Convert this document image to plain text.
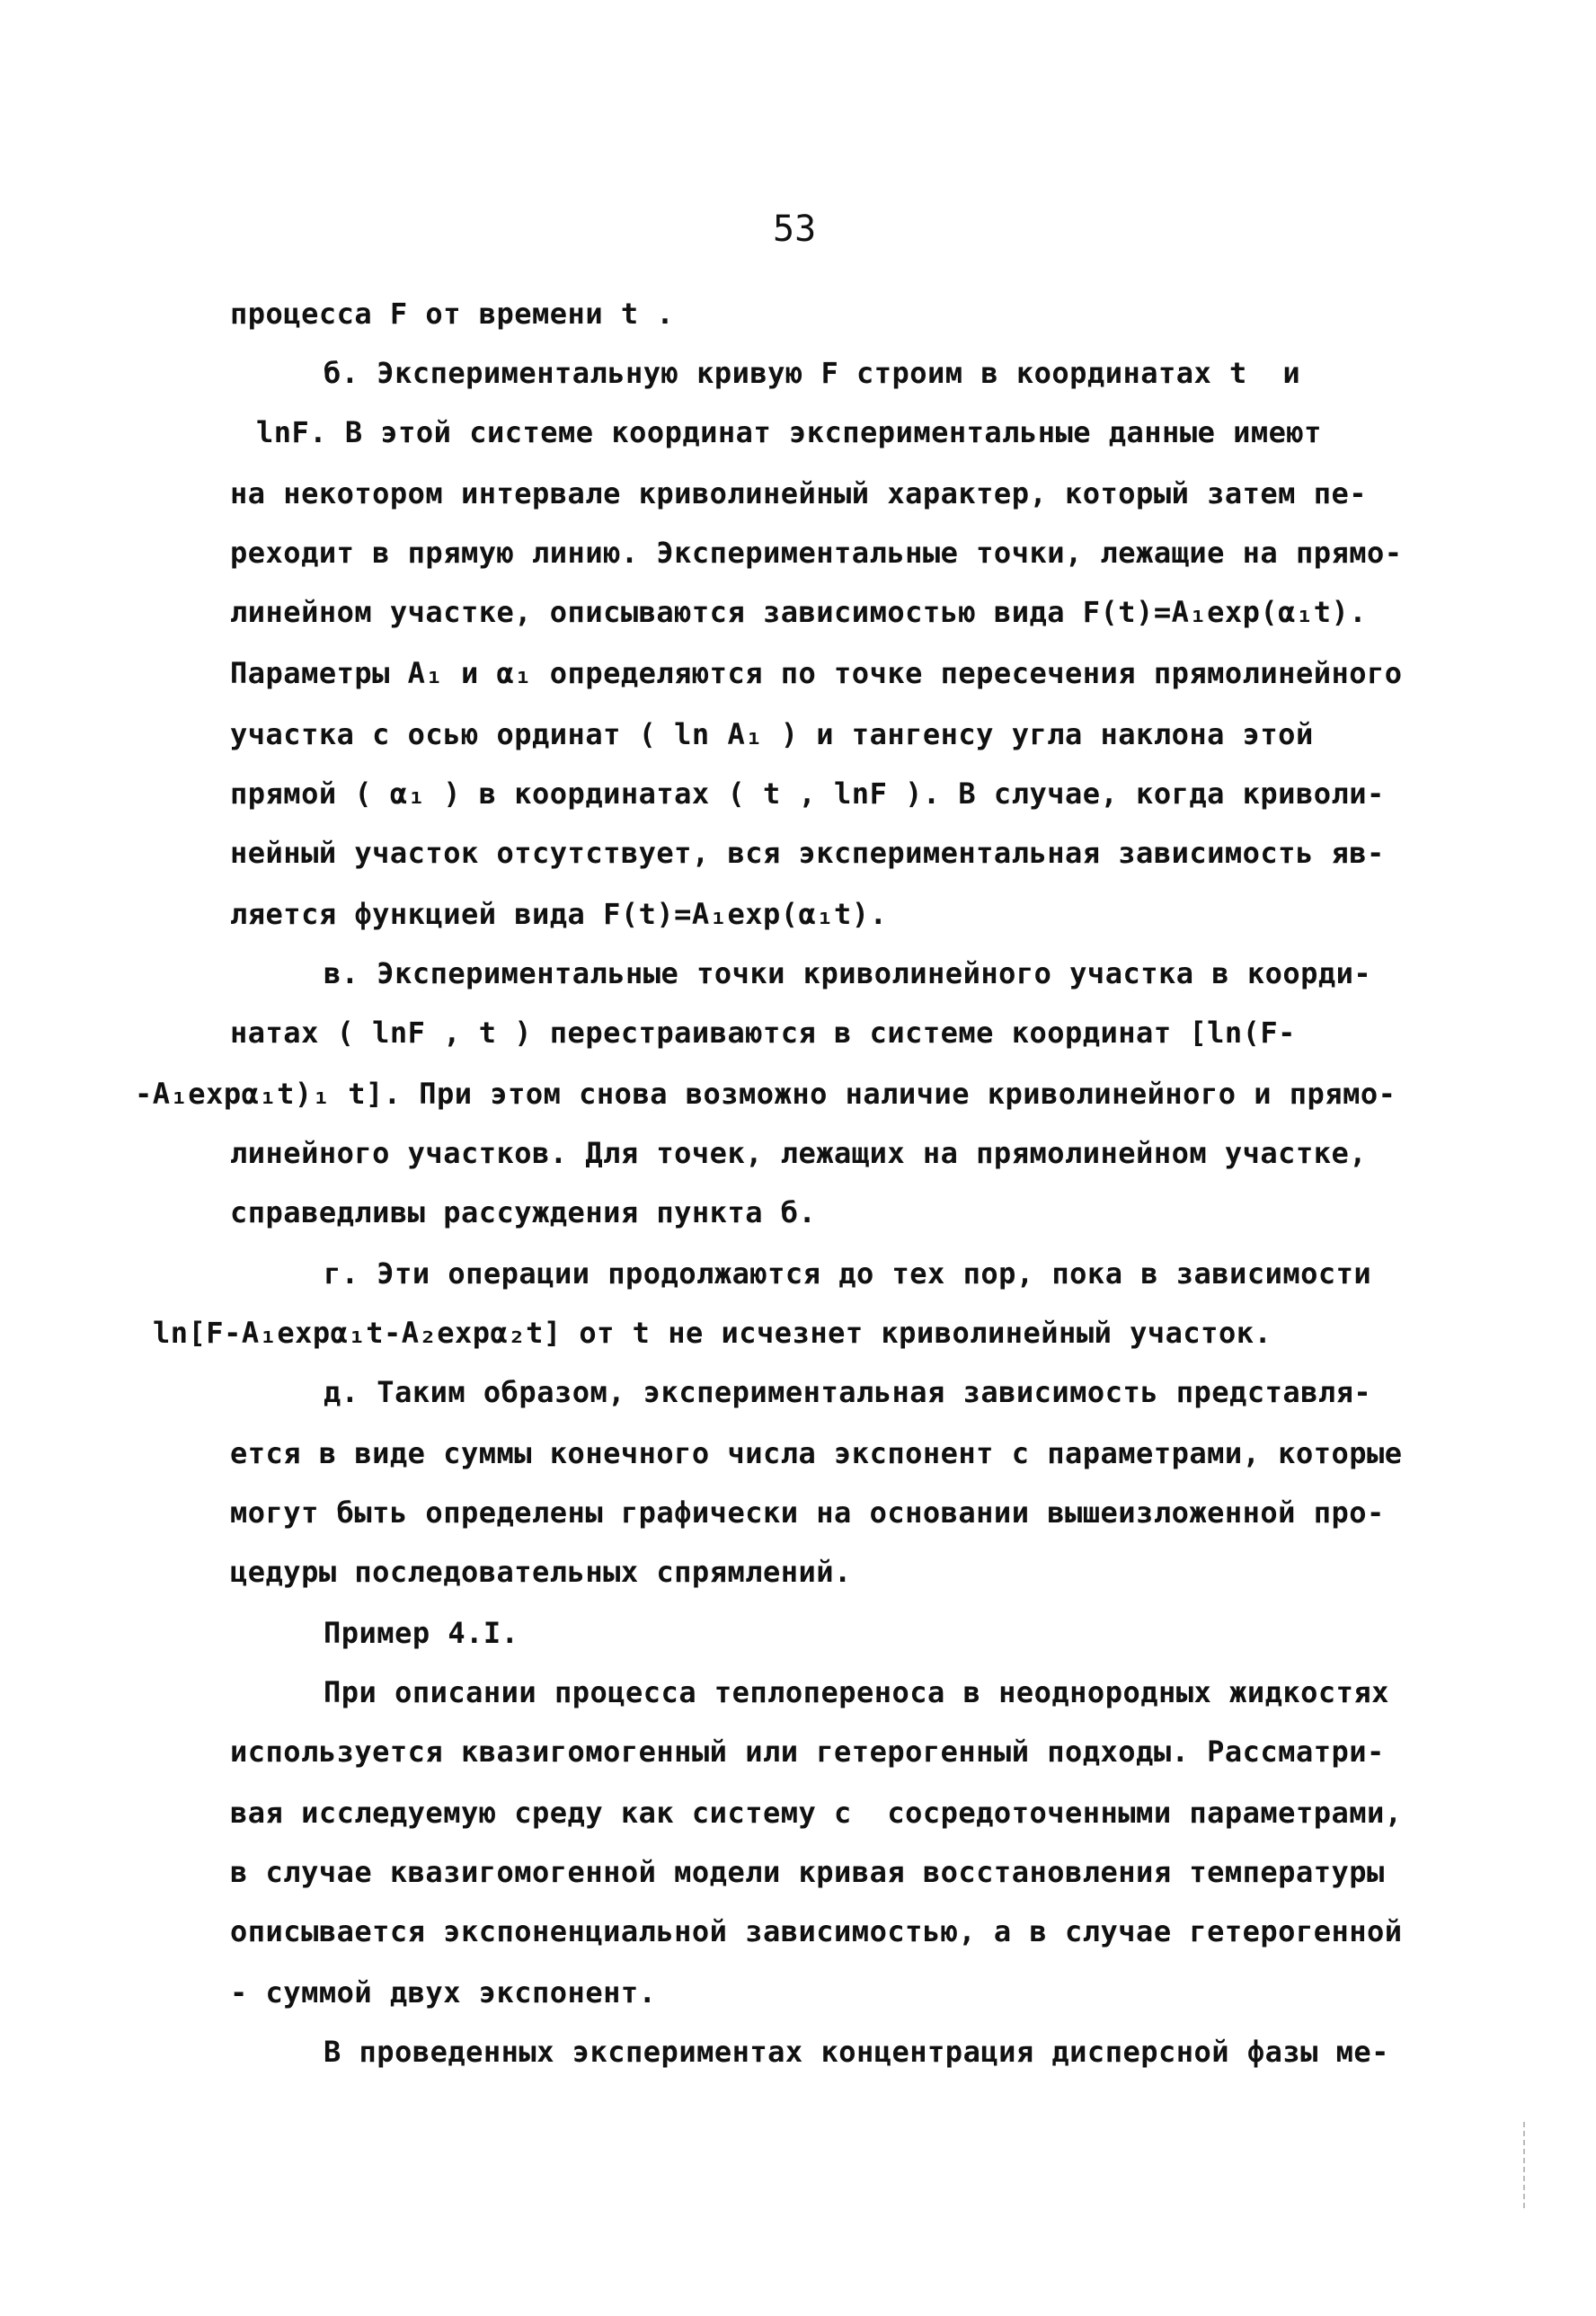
53
процесса F от времени t .
б. Экспериментальную кривую F строим в координатах t  и
lnF. В этой системе координат экспериментальные данные имеют
на некотором интервале криволинейный характер, который затем пе-
реходит в прямую линию. Экспериментальные точки, лежащие на прямо-
линейном участке, описываются зависимостью вида F(t)=A₁exp(α₁t).
Параметры A₁ и α₁ определяются по точке пересечения прямолинейного
участка с осью ординат ( ln A₁ ) и тангенсу угла наклона этой
прямой ( α₁ ) в координатах ( t , lnF ). В случае, когда криволи-
нейный участок отсутствует, вся экспериментальная зависимость яв-
ляется функцией вида F(t)=A₁exp(α₁t).
в. Экспериментальные точки криволинейного участка в коорди-
натах ( lnF , t ) перестраиваются в системе координат [ln(F-
-A₁expα₁t)₁ t]. При этом снова возможно наличие криволинейного и прямо-
линейного участков. Для точек, лежащих на прямолинейном участке,
справедливы рассуждения пункта б.
г. Эти операции продолжаются до тех пор, пока в зависимости
ln[F-A₁expα₁t-A₂expα₂t] от t не исчезнет криволинейный участок.
д. Таким образом, экспериментальная зависимость представля-
ется в виде суммы конечного числа экспонент с параметрами, которые
могут быть определены графически на основании вышеизложенной про-
цедуры последовательных спрямлений.
Пример 4.I.
При описании процесса теплопереноса в неоднородных жидкостях
используется квазигомогенный или гетерогенный подходы. Рассматри-
вая исследуемую среду как систему с  сосредоточенными параметрами,
в случае квазигомогенной модели кривая восстановления температуры
описывается экспоненциальной зависимостью, а в случае гетерогенной
- суммой двух экспонент.
В проведенных экспериментах концентрация дисперсной фазы ме-
